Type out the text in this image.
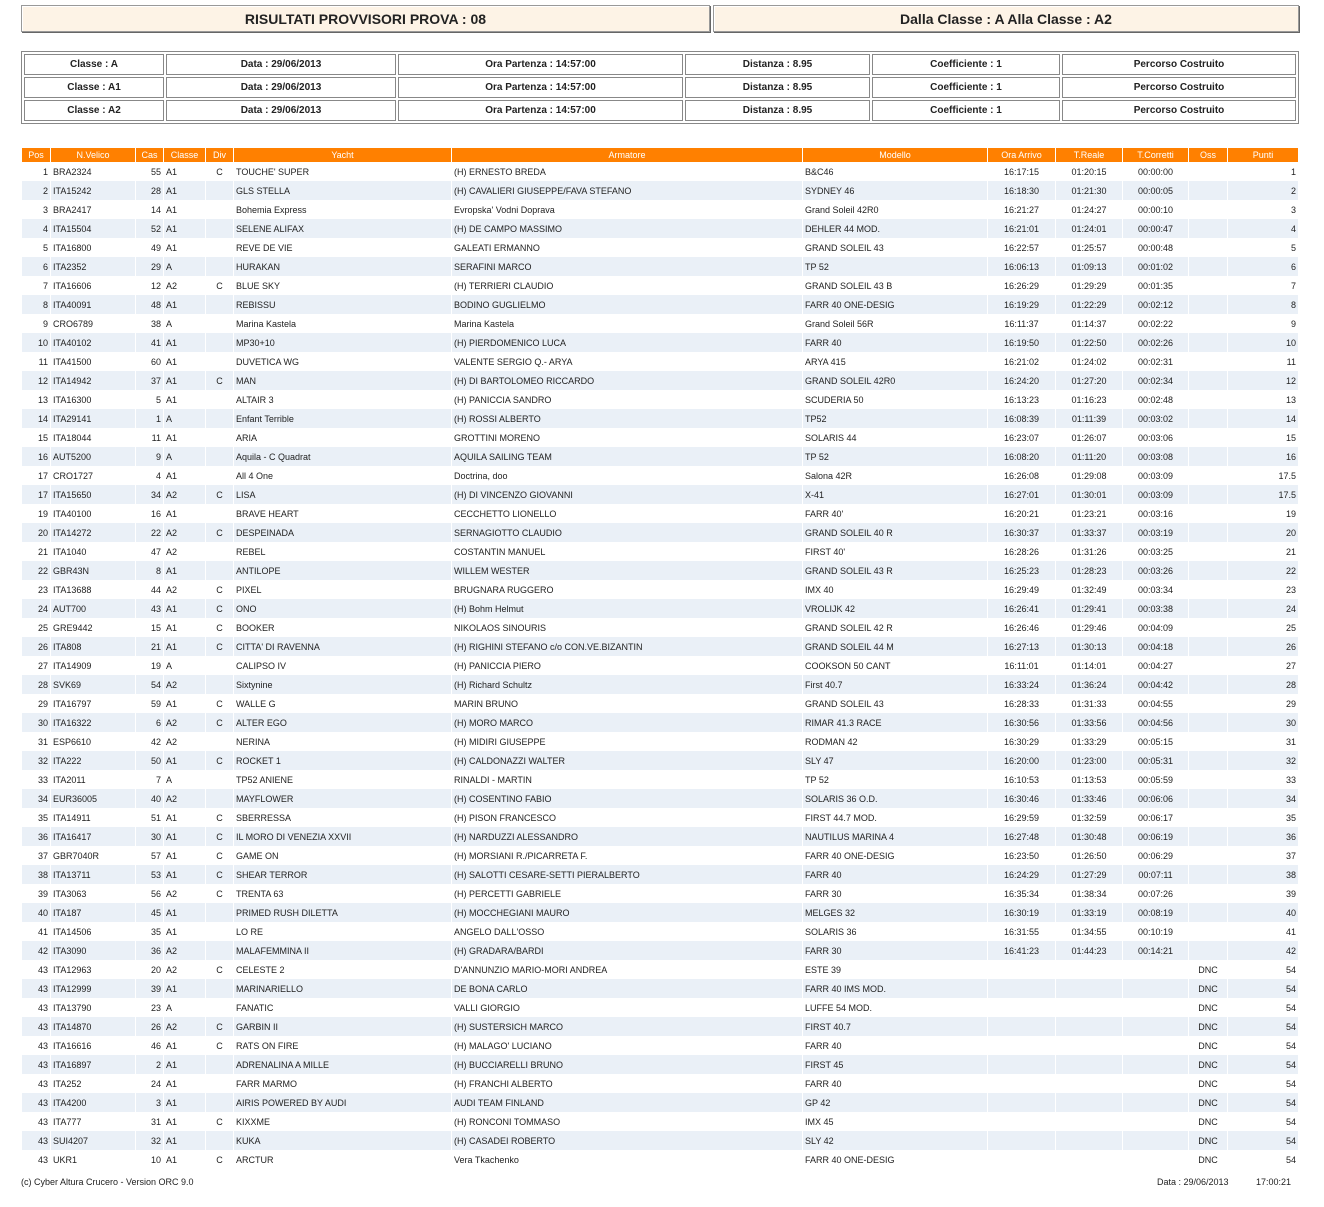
RISULTATI PROVVISORI PROVA : 08	Dalla Classe : A Alla Classe : A2
Classe : A	Data : 29/06/2013	Ora Partenza : 14:57:00	Distanza : 8.95	Coefficiente : 1	Percorso Costruito
Classe : A1	Data : 29/06/2013	Ora Partenza : 14:57:00	Distanza : 8.95	Coefficiente : 1	Percorso Costruito
Classe : A2	Data : 29/06/2013	Ora Partenza : 14:57:00	Distanza : 8.95	Coefficiente : 1	Percorso Costruito
Pos	N.Velico	Cas	Classe	Div	Yacht	Armatore	Modello	Ora Arrivo	T.Reale	T.Corretti	Oss	Punti
1	BRA2324	55	A1	C	TOUCHE' SUPER	(H) ERNESTO BREDA	B&C46	16:17:15	01:20:15	00:00:00		1
2	ITA15242	28	A1		GLS STELLA	(H) CAVALIERI GIUSEPPE/FAVA STEFANO	SYDNEY 46	16:18:30	01:21:30	00:00:05		2
3	BRA2417	14	A1		Bohemia Express	Evropska' Vodni Doprava	Grand Soleil 42R0	16:21:27	01:24:27	00:00:10		3
4	ITA15504	52	A1		SELENE ALIFAX	(H) DE CAMPO MASSIMO	DEHLER 44 MOD.	16:21:01	01:24:01	00:00:47		4
5	ITA16800	49	A1		REVE DE VIE	GALEATI ERMANNO	GRAND SOLEIL 43	16:22:57	01:25:57	00:00:48		5
6	ITA2352	29	A		HURAKAN	SERAFINI MARCO	TP 52	16:06:13	01:09:13	00:01:02		6
7	ITA16606	12	A2	C	BLUE SKY	(H) TERRIERI CLAUDIO	GRAND SOLEIL 43 B	16:26:29	01:29:29	00:01:35		7
8	ITA40091	48	A1		REBISSU	BODINO GUGLIELMO	FARR 40 ONE-DESIG	16:19:29	01:22:29	00:02:12		8
9	CRO6789	38	A		Marina Kastela	Marina Kastela	Grand Soleil 56R	16:11:37	01:14:37	00:02:22		9
10	ITA40102	41	A1		MP30+10	(H) PIERDOMENICO LUCA	FARR 40	16:19:50	01:22:50	00:02:26		10
11	ITA41500	60	A1		DUVETICA WG	VALENTE SERGIO Q.- ARYA	ARYA 415	16:21:02	01:24:02	00:02:31		11
12	ITA14942	37	A1	C	MAN	(H) DI BARTOLOMEO RICCARDO	GRAND SOLEIL 42R0	16:24:20	01:27:20	00:02:34		12
13	ITA16300	5	A1		ALTAIR 3	(H) PANICCIA SANDRO	SCUDERIA 50	16:13:23	01:16:23	00:02:48		13
14	ITA29141	1	A		Enfant Terrible	(H) ROSSI ALBERTO	TP52	16:08:39	01:11:39	00:03:02		14
15	ITA18044	11	A1		ARIA	GROTTINI MORENO	SOLARIS 44	16:23:07	01:26:07	00:03:06		15
16	AUT5200	9	A		Aquila - C Quadrat	AQUILA SAILING TEAM	TP 52	16:08:20	01:11:20	00:03:08		16
17	CRO1727	4	A1		All 4 One	Doctrina, doo	Salona 42R	16:26:08	01:29:08	00:03:09		17.5
17	ITA15650	34	A2	C	LISA	(H) DI VINCENZO GIOVANNI	X-41	16:27:01	01:30:01	00:03:09		17.5
19	ITA40100	16	A1		BRAVE HEART	CECCHETTO LIONELLO	FARR 40'	16:20:21	01:23:21	00:03:16		19
20	ITA14272	22	A2	C	DESPEINADA	SERNAGIOTTO CLAUDIO	GRAND SOLEIL 40 R	16:30:37	01:33:37	00:03:19		20
21	ITA1040	47	A2		REBEL	COSTANTIN MANUEL	FIRST 40'	16:28:26	01:31:26	00:03:25		21
22	GBR43N	8	A1		ANTILOPE	WILLEM WESTER	GRAND SOLEIL 43 R	16:25:23	01:28:23	00:03:26		22
23	ITA13688	44	A2	C	PIXEL	BRUGNARA RUGGERO	IMX 40	16:29:49	01:32:49	00:03:34		23
24	AUT700	43	A1	C	ONO	(H) Bohm Helmut	VROLIJK 42	16:26:41	01:29:41	00:03:38		24
25	GRE9442	15	A1	C	BOOKER	NIKOLAOS SINOURIS	GRAND SOLEIL 42 R	16:26:46	01:29:46	00:04:09		25
26	ITA808	21	A1	C	CITTA' DI RAVENNA	(H) RIGHINI STEFANO c/o CON.VE.BIZANTIN	GRAND SOLEIL 44 M	16:27:13	01:30:13	00:04:18		26
27	ITA14909	19	A		CALIPSO IV	(H) PANICCIA PIERO	COOKSON 50 CANT	16:11:01	01:14:01	00:04:27		27
28	SVK69	54	A2		Sixtynine	(H) Richard Schultz	First 40.7	16:33:24	01:36:24	00:04:42		28
29	ITA16797	59	A1	C	WALLE G	MARIN BRUNO	GRAND SOLEIL 43	16:28:33	01:31:33	00:04:55		29
30	ITA16322	6	A2	C	ALTER EGO	(H) MORO MARCO	RIMAR 41.3 RACE	16:30:56	01:33:56	00:04:56		30
31	ESP6610	42	A2		NERINA	(H) MIDIRI GIUSEPPE	RODMAN 42	16:30:29	01:33:29	00:05:15		31
32	ITA222	50	A1	C	ROCKET 1	(H) CALDONAZZI WALTER	SLY 47	16:20:00	01:23:00	00:05:31		32
33	ITA2011	7	A		TP52 ANIENE	RINALDI - MARTIN	TP 52	16:10:53	01:13:53	00:05:59		33
34	EUR36005	40	A2		MAYFLOWER	(H) COSENTINO FABIO	SOLARIS 36 O.D.	16:30:46	01:33:46	00:06:06		34
35	ITA14911	51	A1	C	SBERRESSA	(H) PISON FRANCESCO	FIRST 44.7 MOD.	16:29:59	01:32:59	00:06:17		35
36	ITA16417	30	A1	C	IL MORO DI VENEZIA XXVII	(H) NARDUZZI ALESSANDRO	NAUTILUS MARINA 4	16:27:48	01:30:48	00:06:19		36
37	GBR7040R	57	A1	C	GAME ON	(H) MORSIANI R./PICARRETA F.	FARR 40 ONE-DESIG	16:23:50	01:26:50	00:06:29		37
38	ITA13711	53	A1	C	SHEAR TERROR	(H) SALOTTI CESARE-SETTI PIERALBERTO	FARR 40	16:24:29	01:27:29	00:07:11		38
39	ITA3063	56	A2	C	TRENTA 63	(H) PERCETTI GABRIELE	FARR 30	16:35:34	01:38:34	00:07:26		39
40	ITA187	45	A1		PRIMED RUSH DILETTA	(H) MOCCHEGIANI MAURO	MELGES 32	16:30:19	01:33:19	00:08:19		40
41	ITA14506	35	A1		LO RE	ANGELO DALL'OSSO	SOLARIS 36	16:31:55	01:34:55	00:10:19		41
42	ITA3090	36	A2		MALAFEMMINA II	(H) GRADARA/BARDI	FARR 30	16:41:23	01:44:23	00:14:21		42
43	ITA12963	20	A2	C	CELESTE 2	D'ANNUNZIO MARIO-MORI ANDREA	ESTE 39				DNC	54
43	ITA12999	39	A1		MARINARIELLO	DE BONA CARLO	FARR 40 IMS MOD.				DNC	54
43	ITA13790	23	A		FANATIC	VALLI GIORGIO	LUFFE 54 MOD.				DNC	54
43	ITA14870	26	A2	C	GARBIN II	(H) SUSTERSICH MARCO	FIRST 40.7				DNC	54
43	ITA16616	46	A1	C	RATS ON FIRE	(H) MALAGO' LUCIANO	FARR 40				DNC	54
43	ITA16897	2	A1		ADRENALINA A MILLE	(H) BUCCIARELLI BRUNO	FIRST 45				DNC	54
43	ITA252	24	A1		FARR MARMO	(H) FRANCHI ALBERTO	FARR 40				DNC	54
43	ITA4200	3	A1		AIRIS POWERED BY AUDI	AUDI TEAM FINLAND	GP 42				DNC	54
43	ITA777	31	A1	C	KIXXME	(H) RONCONI TOMMASO	IMX 45				DNC	54
43	SUI4207	32	A1		KUKA	(H) CASADEI ROBERTO	SLY 42				DNC	54
43	UKR1	10	A1	C	ARCTUR	Vera Tkachenko	FARR 40 ONE-DESIG				DNC	54
(c) Cyber Altura Crucero - Version ORC 9.0	Data : 29/06/2013	17:00:21
